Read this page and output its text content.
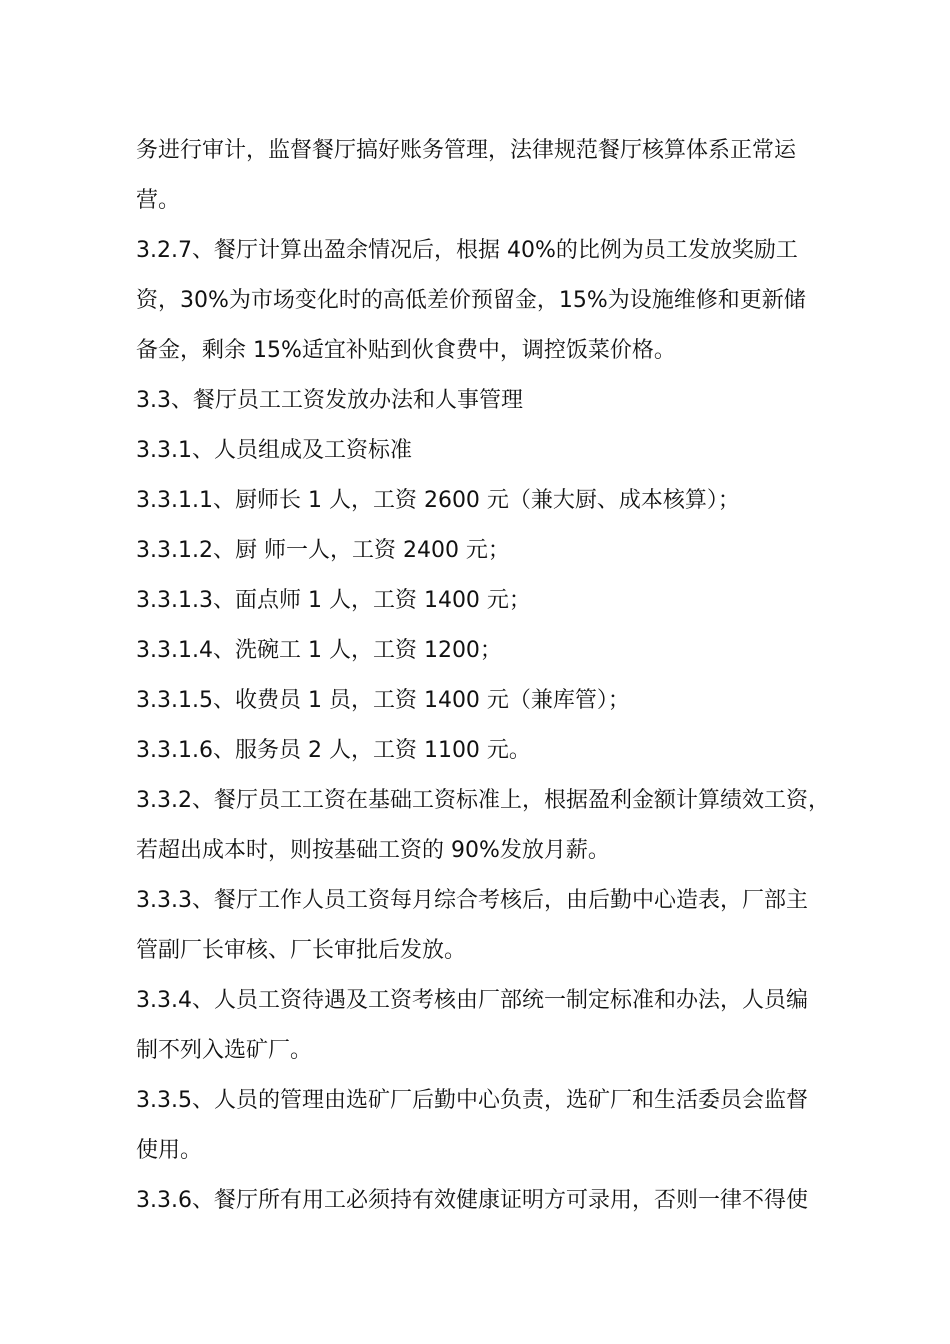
务进行审计，监督餐厅搞好账务管理，法律规范餐厅核算体系正常运
营。
3.2.7、餐厅计算出盈余情况后，根据 40%的比例为员工发放奖励工
资，30%为市场变化时的高低差价预留金，15%为设施维修和更新储
备金，剩余 15%适宜补贴到伙食费中，调控饭菜价格。
3.3、餐厅员工工资发放办法和人事管理
3.3.1、人员组成及工资标准
3.3.1.1、厨师长 1 人，工资 2600 元（兼大厨、成本核算）；
3.3.1.2、厨 师一人，工资 2400 元；
3.3.1.3、面点师 1 人，工资 1400 元；
3.3.1.4、洗碗工 1 人，工资 1200；
3.3.1.5、收费员 1 员，工资 1400 元（兼库管）；
3.3.1.6、服务员 2 人，工资 1100 元。
3.3.2、餐厅员工工资在基础工资标准上，根据盈利金额计算绩效工资，
若超出成本时，则按基础工资的 90%发放月薪。
3.3.3、餐厅工作人员工资每月综合考核后，由后勤中心造表，厂部主
管副厂长审核、厂长审批后发放。
3.3.4、人员工资待遇及工资考核由厂部统一制定标准和办法，人员编
制不列入选矿厂。
3.3.5、人员的管理由选矿厂后勤中心负责，选矿厂和生活委员会监督
使用。
3.3.6、餐厅所有用工必须持有效健康证明方可录用，否则一律不得使
